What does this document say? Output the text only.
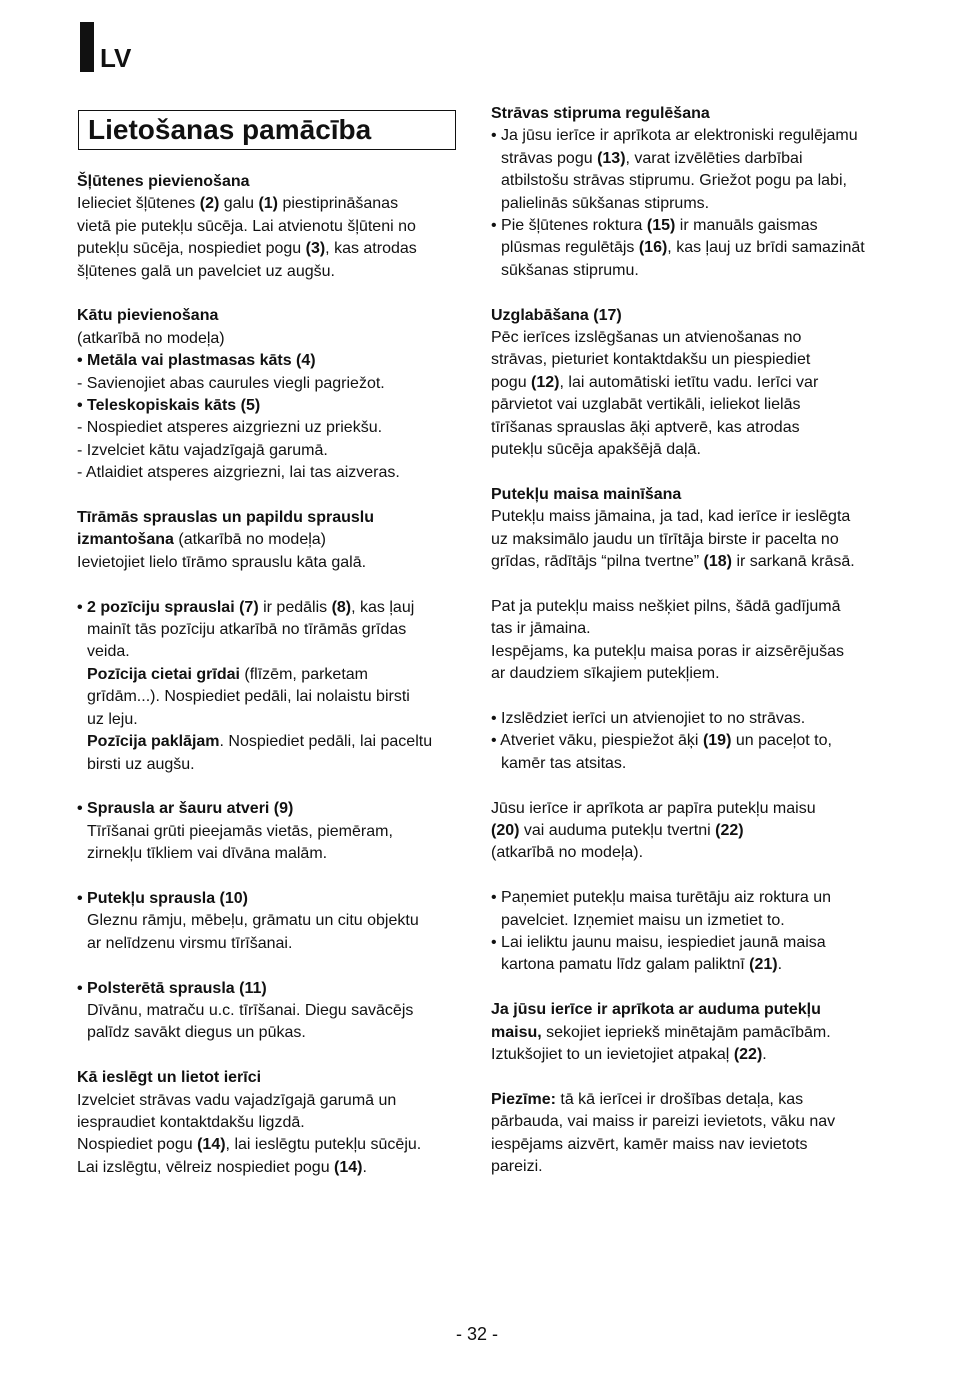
LV
Lietošanas pamācība
Šļūtenes pievienošana
Ielieciet šļūtenes (2) galu (1) piestiprināšanas
vietā pie putekļu sūcēja. Lai atvienotu šļūteni no
putekļu sūcēja, nospiediet pogu (3), kas atrodas
šļūtenes galā un pavelciet uz augšu.
Kātu pievienošana
(atkarībā no modeļa)
• Metāla vai plastmasas kāts (4)
- Savienojiet abas caurules viegli pagriežot.
• Teleskopiskais kāts (5)
- Nospiediet atsperes aizgriezni uz priekšu.
- Izvelciet kātu vajadzīgajā garumā.
- Atlaidiet atsperes aizgriezni, lai tas aizveras.
Tīrāmās sprauslas un papildu sprauslu
izmantošana (atkarībā no modeļa)
Ievietojiet lielo tīrāmo sprauslu kāta galā.
• 2 pozīciju sprauslai (7) ir pedālis (8), kas ļauj
mainīt tās pozīciju atkarībā no tīrāmās grīdas
veida.
Pozīcija cietai grīdai (flīzēm, parketam
grīdām...). Nospiediet pedāli, lai nolaistu birsti
uz leju.
Pozīcija paklājam. Nospiediet pedāli, lai paceltu
birsti uz augšu.
• Sprausla ar šauru atveri (9)
Tīrīšanai grūti pieejamās vietās, piemēram,
zirnekļu tīkliem vai dīvāna malām.
• Putekļu sprausla (10)
Gleznu rāmju, mēbeļu, grāmatu un citu objektu
ar nelīdzenu virsmu tīrīšanai.
• Polsterētā sprausla (11)
Dīvānu, matraču u.c. tīrīšanai. Diegu savācējs
palīdz savākt diegus un pūkas.
Kā ieslēgt un lietot ierīci
Izvelciet strāvas vadu vajadzīgajā garumā un
iespraudiet kontaktdakšu ligzdā.
Nospiediet pogu (14), lai ieslēgtu putekļu sūcēju.
Lai izslēgtu, vēlreiz nospiediet pogu (14).
Strāvas stipruma regulēšana
• Ja jūsu ierīce ir aprīkota ar elektroniski regulējamu
strāvas pogu (13), varat izvēlēties darbībai
atbilstošu strāvas stiprumu. Griežot pogu pa labi,
palielinās sūkšanas stiprums.
• Pie šļūtenes roktura (15) ir manuāls gaismas
plūsmas regulētājs (16), kas ļauj uz brīdi samazināt
sūkšanas stiprumu.
Uzglabāšana (17)
Pēc ierīces izslēgšanas un atvienošanas no
strāvas, pieturiet kontaktdakšu un piespiediet
pogu (12), lai automātiski ietītu vadu. Ierīci var
pārvietot vai uzglabāt vertikāli, ieliekot lielās
tīrīšanas sprauslas āķi aptverē, kas atrodas
putekļu sūcēja apakšējā daļā.
Putekļu maisa mainīšana
Putekļu maiss jāmaina, ja tad, kad ierīce ir ieslēgta
uz maksimālo jaudu un tīrītāja birste ir pacelta no
grīdas, rādītājs “pilna tvertne” (18) ir sarkanā krāsā.
Pat ja putekļu maiss nešķiet pilns, šādā gadījumā
tas ir jāmaina.
Iespējams, ka putekļu maisa poras ir aizsērējušas
ar daudziem sīkajiem putekļiem.
• Izslēdziet ierīci un atvienojiet to no strāvas.
• Atveriet vāku, piespiežot āķi (19) un paceļot to,
kamēr tas atsitas.
Jūsu ierīce ir aprīkota ar papīra putekļu maisu
(20) vai auduma putekļu tvertni (22)
(atkarībā no modeļa).
• Paņemiet putekļu maisa turētāju aiz roktura un
pavelciet. Izņemiet maisu un izmetiet to.
• Lai ieliktu jaunu maisu, iespiediet jaunā maisa
kartona pamatu līdz galam paliktnī (21).
Ja jūsu ierīce ir aprīkota ar auduma putekļu
maisu, sekojiet iepriekš minētajām pamācībām.
Iztukšojiet to un ievietojiet atpakaļ (22).
Piezīme: tā kā ierīcei ir drošības detaļa, kas
pārbauda, vai maiss ir pareizi ievietots, vāku nav
iespējams aizvērt, kamēr maiss nav ievietots
pareizi.
- 32 -
